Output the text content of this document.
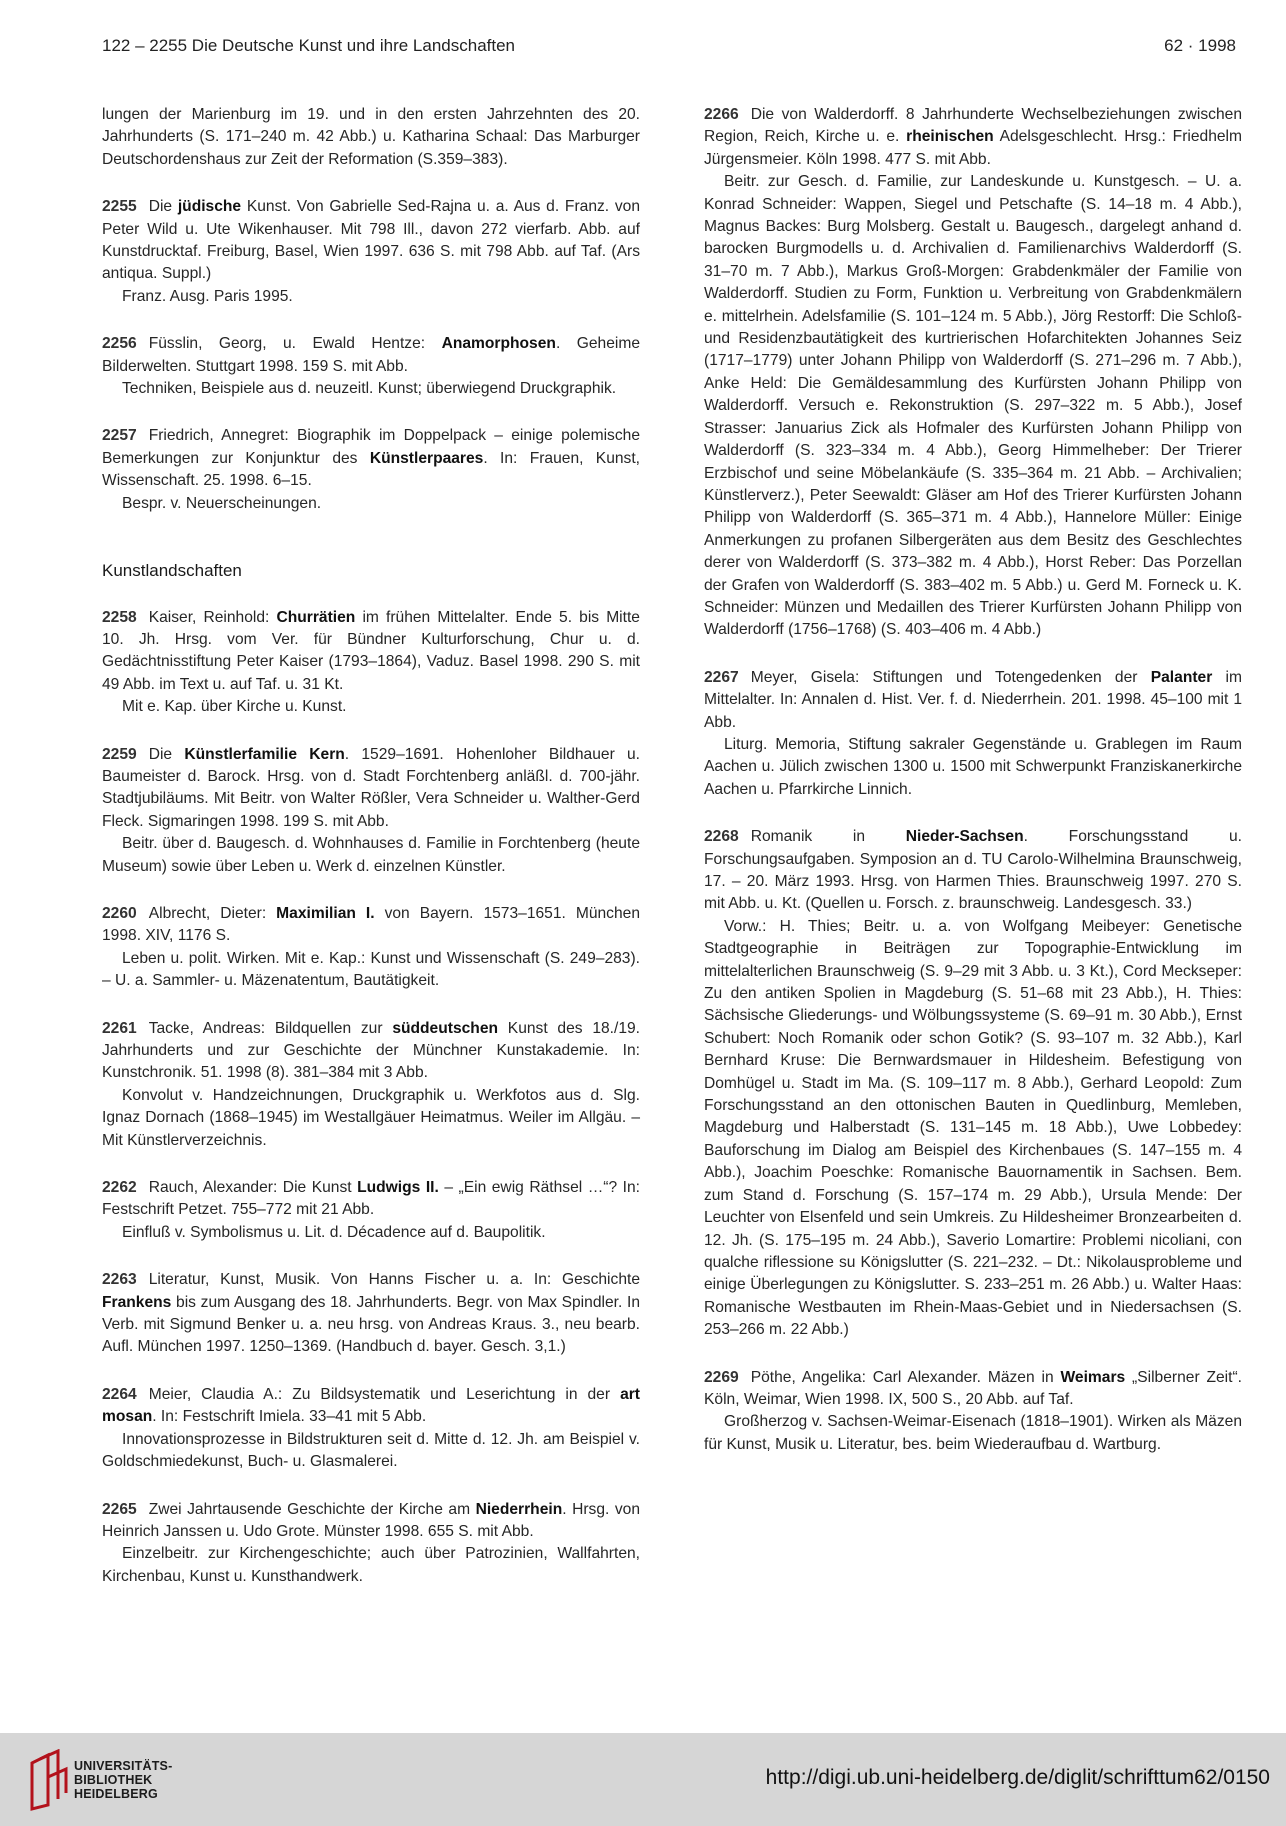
122 – 2255 Die Deutsche Kunst und ihre Landschaften	62 · 1998

lungen der Marienburg im 19. und in den ersten Jahrzehnten des 20. Jahrhunderts (S. 171–240 m. 42 Abb.) u. Katharina Schaal: Das Marburger Deutschordenshaus zur Zeit der Reformation (S.359–383).

2255 Die jüdische Kunst. Von Gabrielle Sed-Rajna u. a. Aus d. Franz. von Peter Wild u. Ute Wikenhauser. Mit 798 Ill., davon 272 vierfarb. Abb. auf Kunstdrucktaf. Freiburg, Basel, Wien 1997. 636 S. mit 798 Abb. auf Taf. (Ars antiqua. Suppl.)

Franz. Ausg. Paris 1995.

2256 Füsslin, Georg, u. Ewald Hentze: Anamorphosen. Geheime Bilderwelten. Stuttgart 1998. 159 S. mit Abb.

Techniken, Beispiele aus d. neuzeitl. Kunst; überwiegend Druckgraphik.

2257 Friedrich, Annegret: Biographik im Doppelpack – einige polemische Bemerkungen zur Konjunktur des Künstlerpaares. In: Frauen, Kunst, Wissenschaft. 25. 1998. 6–15.

Bespr. v. Neuerscheinungen.

Kunstlandschaften

2258 Kaiser, Reinhold: Churrätien im frühen Mittelalter. Ende 5. bis Mitte 10. Jh. Hrsg. vom Ver. für Bündner Kulturforschung, Chur u. d. Gedächtnisstiftung Peter Kaiser (1793–1864), Vaduz. Basel 1998. 290 S. mit 49 Abb. im Text u. auf Taf. u. 31 Kt.

Mit e. Kap. über Kirche u. Kunst.

2259 Die Künstlerfamilie Kern. 1529–1691. Hohenloher Bildhauer u. Baumeister d. Barock. Hrsg. von d. Stadt Forchtenberg anläßl. d. 700-jähr. Stadtjubiläums. Mit Beitr. von Walter Rößler, Vera Schneider u. Walther-Gerd Fleck. Sigmaringen 1998. 199 S. mit Abb.

Beitr. über d. Baugesch. d. Wohnhauses d. Familie in Forchtenberg (heute Museum) sowie über Leben u. Werk d. einzelnen Künstler.

2260 Albrecht, Dieter: Maximilian I. von Bayern. 1573–1651. München 1998. XIV, 1176 S.

Leben u. polit. Wirken. Mit e. Kap.: Kunst und Wissenschaft (S. 249–283). – U. a. Sammler- u. Mäzenatentum, Bautätigkeit.

2261 Tacke, Andreas: Bildquellen zur süddeutschen Kunst des 18./19. Jahrhunderts und zur Geschichte der Münchner Kunstakademie. In: Kunstchronik. 51. 1998 (8). 381–384 mit 3 Abb.

Konvolut v. Handzeichnungen, Druckgraphik u. Werkfotos aus d. Slg. Ignaz Dornach (1868–1945) im Westallgäuer Heimatmus. Weiler im Allgäu. – Mit Künstlerverzeichnis.

2262 Rauch, Alexander: Die Kunst Ludwigs II. – „Ein ewig Räthsel …“? In: Festschrift Petzet. 755–772 mit 21 Abb.

Einfluß v. Symbolismus u. Lit. d. Décadence auf d. Baupolitik.

2263 Literatur, Kunst, Musik. Von Hanns Fischer u. a. In: Geschichte Frankens bis zum Ausgang des 18. Jahrhunderts. Begr. von Max Spindler. In Verb. mit Sigmund Benker u. a. neu hrsg. von Andreas Kraus. 3., neu bearb. Aufl. München 1997. 1250–1369. (Handbuch d. bayer. Gesch. 3,1.)

2264 Meier, Claudia A.: Zu Bildsystematik und Leserichtung in der art mosan. In: Festschrift Imiela. 33–41 mit 5 Abb.

Innovationsprozesse in Bildstrukturen seit d. Mitte d. 12. Jh. am Beispiel v. Goldschmiedekunst, Buch- u. Glasmalerei.

2265 Zwei Jahrtausende Geschichte der Kirche am Niederrhein. Hrsg. von Heinrich Janssen u. Udo Grote. Münster 1998. 655 S. mit Abb.

Einzelbeitr. zur Kirchengeschichte; auch über Patrozinien, Wallfahrten, Kirchenbau, Kunst u. Kunsthandwerk.

2266 Die von Walderdorff. 8 Jahrhunderte Wechselbeziehungen zwischen Region, Reich, Kirche u. e. rheinischen Adelsgeschlecht. Hrsg.: Friedhelm Jürgensmeier. Köln 1998. 477 S. mit Abb.

Beitr. zur Gesch. d. Familie, zur Landeskunde u. Kunstgesch. – U. a. Konrad Schneider: Wappen, Siegel und Petschafte (S. 14–18 m. 4 Abb.), Magnus Backes: Burg Molsberg. Gestalt u. Baugesch., dargelegt anhand d. barocken Burgmodells u. d. Archivalien d. Familienarchivs Walderdorff (S. 31–70 m. 7 Abb.), Markus Groß-Morgen: Grabdenkmäler der Familie von Walderdorff. Studien zu Form, Funktion u. Verbreitung von Grabdenkmälern e. mittelrhein. Adelsfamilie (S. 101–124 m. 5 Abb.), Jörg Restorff: Die Schloß- und Residenzbautätigkeit des kurtrierischen Hofarchitekten Johannes Seiz (1717–1779) unter Johann Philipp von Walderdorff (S. 271–296 m. 7 Abb.), Anke Held: Die Gemäldesammlung des Kurfürsten Johann Philipp von Walderdorff. Versuch e. Rekonstruktion (S. 297–322 m. 5 Abb.), Josef Strasser: Januarius Zick als Hofmaler des Kurfürsten Johann Philipp von Walderdorff (S. 323–334 m. 4 Abb.), Georg Himmelheber: Der Trierer Erzbischof und seine Möbelankäufe (S. 335–364 m. 21 Abb. – Archivalien; Künstlerverz.), Peter Seewaldt: Gläser am Hof des Trierer Kurfürsten Johann Philipp von Walderdorff (S. 365–371 m. 4 Abb.), Hannelore Müller: Einige Anmerkungen zu profanen Silbergeräten aus dem Besitz des Geschlechtes derer von Walderdorff (S. 373–382 m. 4 Abb.), Horst Reber: Das Porzellan der Grafen von Walderdorff (S. 383–402 m. 5 Abb.) u. Gerd M. Forneck u. K. Schneider: Münzen und Medaillen des Trierer Kurfürsten Johann Philipp von Walderdorff (1756–1768) (S. 403–406 m. 4 Abb.)

2267 Meyer, Gisela: Stiftungen und Totengedenken der Palanter im Mittelalter. In: Annalen d. Hist. Ver. f. d. Niederrhein. 201. 1998. 45–100 mit 1 Abb.

Liturg. Memoria, Stiftung sakraler Gegenstände u. Grablegen im Raum Aachen u. Jülich zwischen 1300 u. 1500 mit Schwerpunkt Franziskanerkirche Aachen u. Pfarrkirche Linnich.

2268 Romanik in Nieder-Sachsen. Forschungsstand u. Forschungsaufgaben. Symposion an d. TU Carolo-Wilhelmina Braunschweig, 17. – 20. März 1993. Hrsg. von Harmen Thies. Braunschweig 1997. 270 S. mit Abb. u. Kt. (Quellen u. Forsch. z. braunschweig. Landesgesch. 33.)

Vorw.: H. Thies; Beitr. u. a. von Wolfgang Meibeyer: Genetische Stadtgeographie in Beiträgen zur Topographie-Entwicklung im mittelalterlichen Braunschweig (S. 9–29 mit 3 Abb. u. 3 Kt.), Cord Meckseper: Zu den antiken Spolien in Magdeburg (S. 51–68 mit 23 Abb.), H. Thies: Sächsische Gliederungs- und Wölbungssysteme (S. 69–91 m. 30 Abb.), Ernst Schubert: Noch Romanik oder schon Gotik? (S. 93–107 m. 32 Abb.), Karl Bernhard Kruse: Die Bernwardsmauer in Hildesheim. Befestigung von Domhügel u. Stadt im Ma. (S. 109–117 m. 8 Abb.), Gerhard Leopold: Zum Forschungsstand an den ottonischen Bauten in Quedlinburg, Memleben, Magdeburg und Halberstadt (S. 131–145 m. 18 Abb.), Uwe Lobbedey: Bauforschung im Dialog am Beispiel des Kirchenbaues (S. 147–155 m. 4 Abb.), Joachim Poeschke: Romanische Bauornamentik in Sachsen. Bem. zum Stand d. Forschung (S. 157–174 m. 29 Abb.), Ursula Mende: Der Leuchter von Elsenfeld und sein Umkreis. Zu Hildesheimer Bronzearbeiten d. 12. Jh. (S. 175–195 m. 24 Abb.), Saverio Lomartire: Problemi nicoliani, con qualche riflessione su Königslutter (S. 221–232. – Dt.: Nikolausprobleme und einige Überlegungen zu Königslutter. S. 233–251 m. 26 Abb.) u. Walter Haas: Romanische Westbauten im Rhein-Maas-Gebiet und in Niedersachsen (S. 253–266 m. 22 Abb.)

2269 Pöthe, Angelika: Carl Alexander. Mäzen in Weimars „Silberner Zeit“. Köln, Weimar, Wien 1998. IX, 500 S., 20 Abb. auf Taf.

Großherzog v. Sachsen-Weimar-Eisenach (1818–1901). Wirken als Mäzen für Kunst, Musik u. Literatur, bes. beim Wiederaufbau d. Wartburg.

UNIVERSITÄTS-
BIBLIOTHEK
HEIDELBERG
http://digi.ub.uni-heidelberg.de/diglit/schrifttum62/0150
